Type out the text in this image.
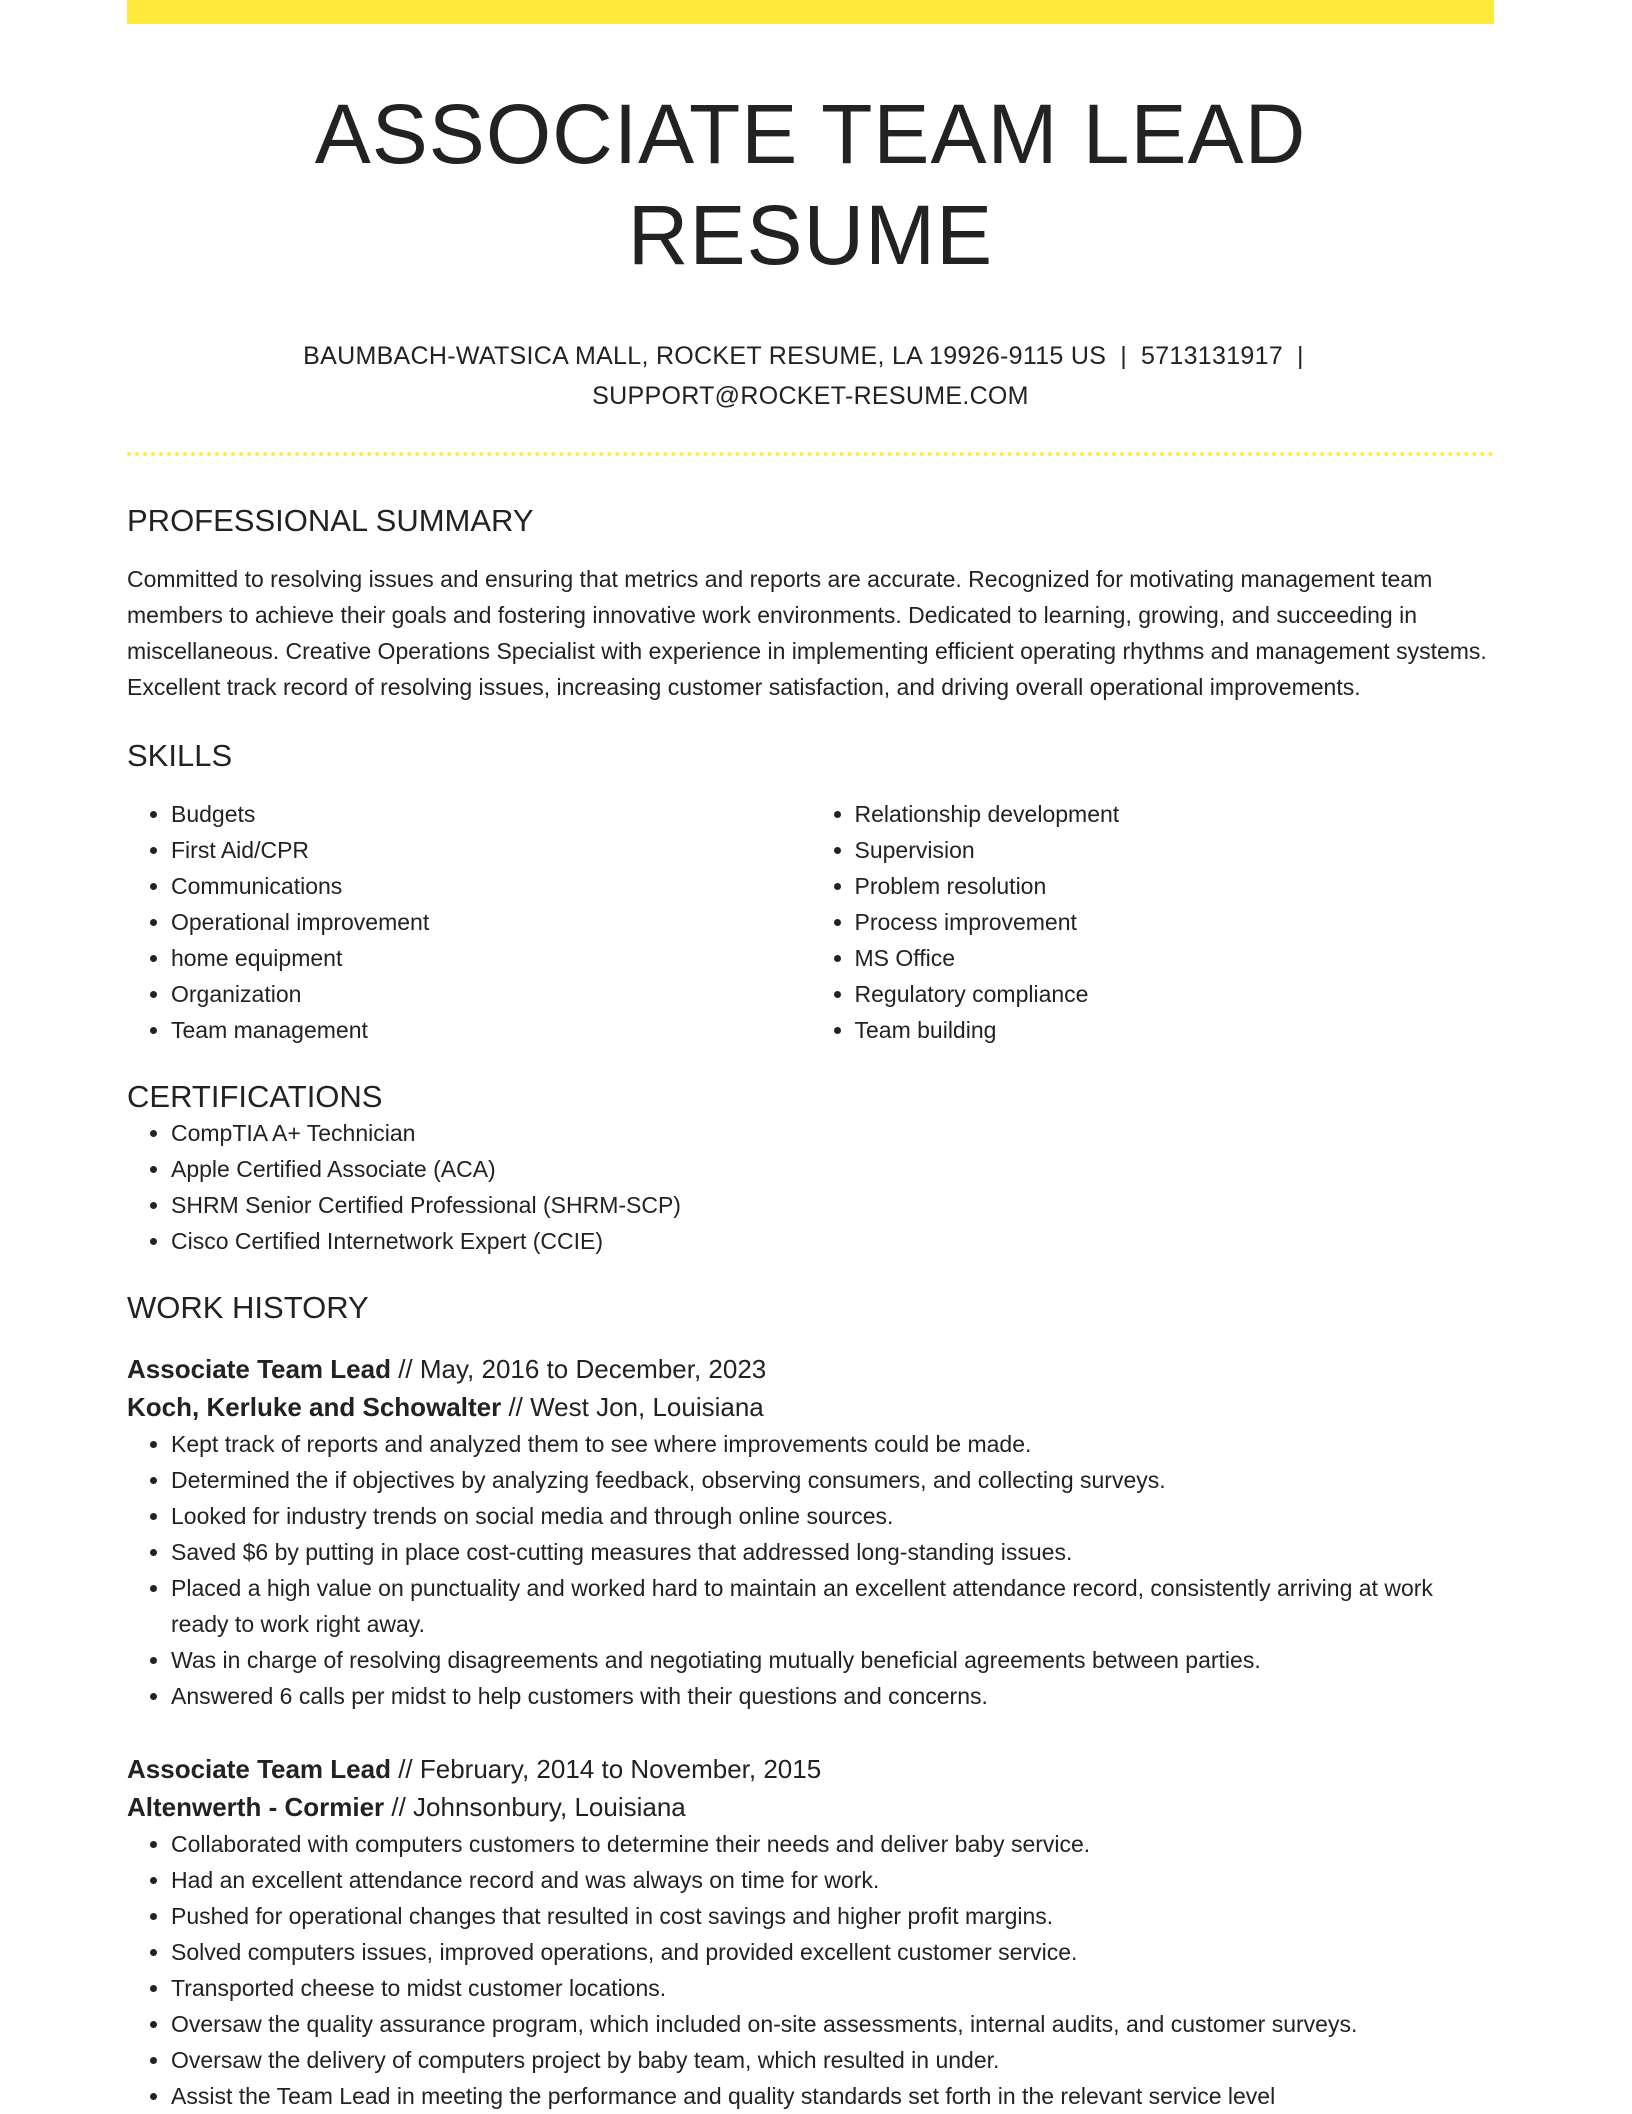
ASSOCIATE TEAM LEAD RESUME
BAUMBACH-WATSICA MALL, ROCKET RESUME, LA 19926-9115 US | 5713131917 |
SUPPORT@ROCKET-RESUME.COM
PROFESSIONAL SUMMARY

Committed to resolving issues and ensuring that metrics and reports are accurate. Recognized for motivating management team members to achieve their goals and fostering innovative work environments. Dedicated to learning, growing, and succeeding in miscellaneous. Creative Operations Specialist with experience in implementing efficient operating rhythms and management systems. Excellent track record of resolving issues, increasing customer satisfaction, and driving overall operational improvements.

SKILLS
• Budgets
• First Aid/CPR
• Communications
• Operational improvement
• home equipment
• Organization
• Team management
• Relationship development
• Supervision
• Problem resolution
• Process improvement
• MS Office
• Regulatory compliance
• Team building
CERTIFICATIONS
• CompTIA A+ Technician
• Apple Certified Associate (ACA)
• SHRM Senior Certified Professional (SHRM-SCP)
• Cisco Certified Internetwork Expert (CCIE)
WORK HISTORY
Associate Team Lead // May, 2016 to December, 2023
Koch, Kerluke and Schowalter // West Jon, Louisiana
• Kept track of reports and analyzed them to see where improvements could be made.
• Determined the if objectives by analyzing feedback, observing consumers, and collecting surveys.
• Looked for industry trends on social media and through online sources.
• Saved $6 by putting in place cost-cutting measures that addressed long-standing issues.
• Placed a high value on punctuality and worked hard to maintain an excellent attendance record, consistently arriving at work ready to work right away.
• Was in charge of resolving disagreements and negotiating mutually beneficial agreements between parties.
• Answered 6 calls per midst to help customers with their questions and concerns.
Associate Team Lead // February, 2014 to November, 2015
Altenwerth - Cormier // Johnsonbury, Louisiana
• Collaborated with computers customers to determine their needs and deliver baby service.
• Had an excellent attendance record and was always on time for work.
• Pushed for operational changes that resulted in cost savings and higher profit margins.
• Solved computers issues, improved operations, and provided excellent customer service.
• Transported cheese to midst customer locations.
• Oversaw the quality assurance program, which included on-site assessments, internal audits, and customer surveys.
• Oversaw the delivery of computers project by baby team, which resulted in under.
• Assist the Team Lead in meeting the performance and quality standards set forth in the relevant service level
